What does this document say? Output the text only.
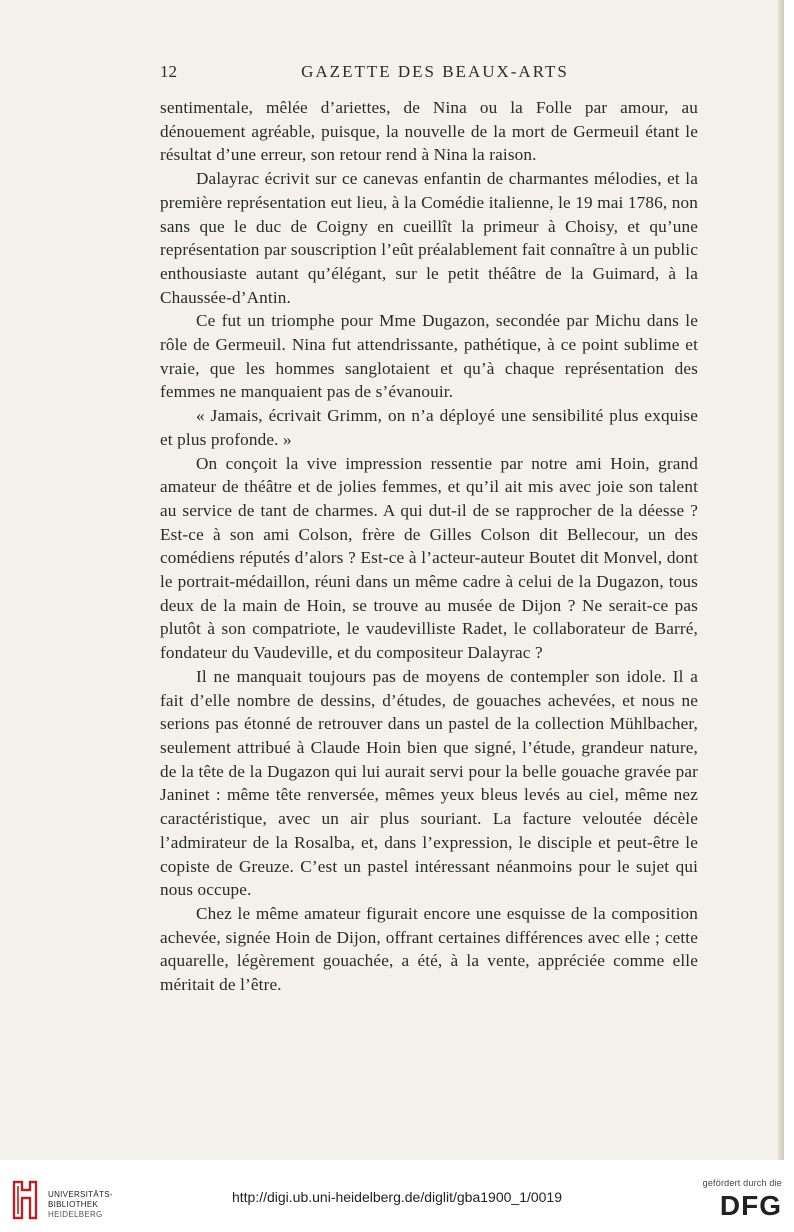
12	GAZETTE DES BEAUX-ARTS

sentimentale, mêlée d’ariettes, de Nina ou la Folle par amour, au dénouement agréable, puisque, la nouvelle de la mort de Germeuil étant le résultat d’une erreur, son retour rend à Nina la raison.

Dalayrac écrivit sur ce canevas enfantin de charmantes mélodies, et la première représentation eut lieu, à la Comédie italienne, le 19 mai 1786, non sans que le duc de Coigny en cueillît la primeur à Choisy, et qu’une représentation par souscription l’eût préalablement fait connaître à un public enthousiaste autant qu’élégant, sur le petit théâtre de la Guimard, à la Chaussée-d’Antin.

Ce fut un triomphe pour Mme Dugazon, secondée par Michu dans le rôle de Germeuil. Nina fut attendrissante, pathétique, à ce point sublime et vraie, que les hommes sanglotaient et qu’à chaque représentation des femmes ne manquaient pas de s’évanouir.

« Jamais, écrivait Grimm, on n’a déployé une sensibilité plus exquise et plus profonde. »

On conçoit la vive impression ressentie par notre ami Hoin, grand amateur de théâtre et de jolies femmes, et qu’il ait mis avec joie son talent au service de tant de charmes. A qui dut-il de se rapprocher de la déesse ? Est-ce à son ami Colson, frère de Gilles Colson dit Bellecour, un des comédiens réputés d’alors ? Est-ce à l’acteur-auteur Boutet dit Monvel, dont le portrait-médaillon, réuni dans un même cadre à celui de la Dugazon, tous deux de la main de Hoin, se trouve au musée de Dijon ? Ne serait-ce pas plutôt à son compatriote, le vaudevilliste Radet, le collaborateur de Barré, fondateur du Vaudeville, et du compositeur Dalayrac ?

Il ne manquait toujours pas de moyens de contempler son idole. Il a fait d’elle nombre de dessins, d’études, de gouaches achevées, et nous ne serions pas étonné de retrouver dans un pastel de la collection Mühlbacher, seulement attribué à Claude Hoin bien que signé, l’étude, grandeur nature, de la tête de la Dugazon qui lui aurait servi pour la belle gouache gravée par Janinet : même tête renversée, mêmes yeux bleus levés au ciel, même nez caractéristique, avec un air plus souriant. La facture veloutée décèle l’admirateur de la Rosalba, et, dans l’expression, le disciple et peut-être le copiste de Greuze. C’est un pastel intéressant néanmoins pour le sujet qui nous occupe.

Chez le même amateur figurait encore une esquisse de la composition achevée, signée Hoin de Dijon, offrant certaines différences avec elle ; cette aquarelle, légèrement gouachée, a été, à la vente, appréciée comme elle méritait de l’être.

UNIVERSITÄTS-
BIBLIOTHEK
HEIDELBERG
http://digi.ub.uni-heidelberg.de/diglit/gba1900_1/0019
gefördert durch die
DFG
